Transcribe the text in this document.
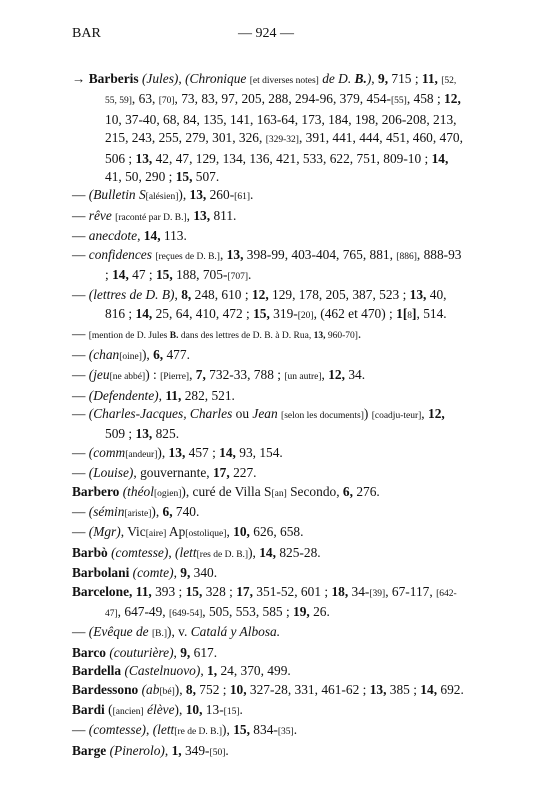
BAR	— 924 —

→ Barberis (Jules), (Chronique [et diverses notes] de D. B.), 9, 715 ; 11, [52, 55, 59], 63, [70], 73, 83, 97, 205, 288, 294-96, 379, 454-[55], 458 ; 12, 10, 37-40, 68, 84, 135, 141, 163-64, 173, 184, 198, 206-208, 213, 215, 243, 255, 279, 301, 326, [329-32], 391, 441, 444, 451, 460, 470, 506 ; 13, 42, 47, 129, 134, 136, 421, 533, 622, 751, 809-10 ; 14, 41, 50, 290 ; 15, 507.

— (Bulletin S[alésien]), 13, 260-[61].

— rêve [raconté par D. B.], 13, 811.

— anecdote, 14, 113.

— confidences [reçues de D. B.], 13, 398-99, 403-404, 765, 881, [886], 888-93 ; 14, 47 ; 15, 188, 705-[707].

— (lettres de D. B), 8, 248, 610 ; 12, 129, 178, 205, 387, 523 ; 13, 40, 816 ; 14, 25, 64, 410, 472 ; 15, 319-[20], (462 et 470) ; 1[8], 514.

— [mention de D. Jules B. dans des lettres de D. B. à D. Rua, 13, 960-70].

— (chan[oine]), 6, 477.

— (jeu[ne abbé]) : [Pierre], 7, 732-33, 788 ; [un autre], 12, 34.

— (Defendente), 11, 282, 521.

— (Charles-Jacques, Charles ou Jean [selon les documents]) [coadju-teur], 12, 509 ; 13, 825.

— (comm[andeur]), 13, 457 ; 14, 93, 154.

— (Louise), gouvernante, 17, 227.

Barbero (théol[ogien]), curé de Villa S[an] Secondo, 6, 276.

— (sémin[ariste]), 6, 740.

— (Mgr), Vic[aire] Ap[ostolique], 10, 626, 658.

Barbò (comtesse), (lett[res de D. B.]), 14, 825-28.

Barbolani (comte), 9, 340.

Barcelone, 11, 393 ; 15, 328 ; 17, 351-52, 601 ; 18, 34-[39], 67-117, [642-47], 647-49, [649-54], 505, 553, 585 ; 19, 26.

— (Evêque de [B.]), v. Catalá y Albosa.

Barco (couturière), 9, 617.

Bardella (Castelnuovo), 1, 24, 370, 499.

Bardessono (ab[bé]), 8, 752 ; 10, 327-28, 331, 461-62 ; 13, 385 ; 14, 692.

Bardi ([ancien] élève), 10, 13-[15].

— (comtesse), (lett[re de D. B.]), 15, 834-[35].

Barge (Pinerolo), 1, 349-[50].
